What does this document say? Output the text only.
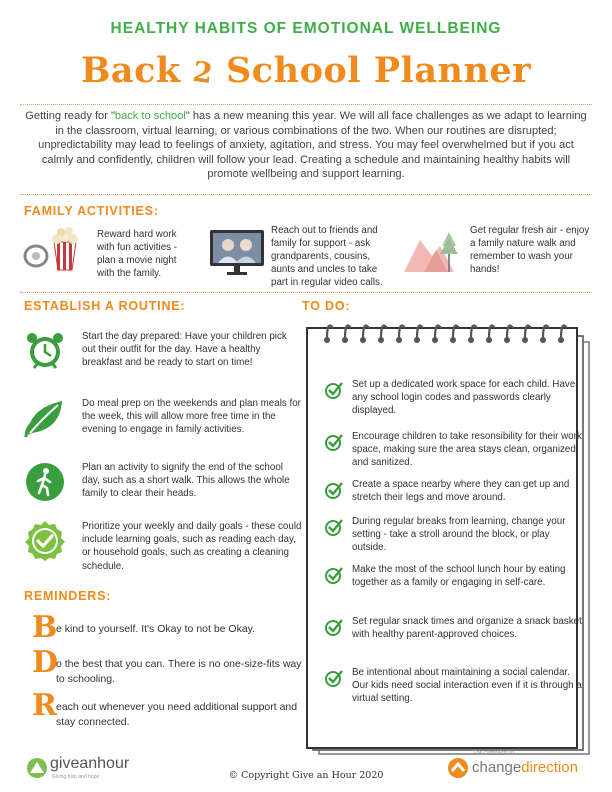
HEALTHY HABITS OF EMOTIONAL WELLBEING
Back 2 School Planner
Getting ready for "back to school" has a new meaning this year. We will all face challenges as we adapt to learning in the classroom, virtual learning, or various combinations of the two. When our routines are disrupted; unpredictability may lead to feelings of anxiety, agitation, and stress. You may feel overwhelmed but if you act calmly and confidently, children will follow your lead. Creating a schedule and maintaining healthy habits will promote wellbeing and support learning.
FAMILY ACTIVITIES:
Reward hard work with fun activities - plan a movie night with the family.
Reach out to friends and family for support - ask grandparents, cousins, aunts and uncles to take part in regular video calls.
Get regular fresh air - enjoy a family nature walk and remember to wash your hands!
ESTABLISH A ROUTINE:
Start the day prepared: Have your children pick out their outfit for the day. Have a healthy breakfast and be ready to start on time!
Do meal prep on the weekends and plan meals for the week, this will allow more free time in the evening to engage in family activities.
Plan an activity to signify the end of the school day, such as a short walk. This allows the whole family to clear their heads.
Prioritize your weekly and daily goals - these could include learning goals, such as reading each day, or household goals, such as creating a cleaning schedule.
REMINDERS:
B
e kind to yourself. It's Okay to not be Okay.
D
o the best that you can. There is no one-size-fits way to schooling.
R each out whenever you need additional support and stay connected.
TO DO:
Set up a dedicated work space for each child. Have any school login codes and passwords clearly displayed.
Encourage children to take resonsibility for their work space, making sure the area stays clean, organized and sanitized.
Create a space nearby where they can get up and stretch their legs and move around.
During regular breaks from learning, change your setting - take a stroll around the block, or play outside.
Make the most of the school lunch hour by eating together as a family or engaging in self-care.
Set regular snack times and organize a snack basket with healthy parent-approved choices.
Be intentional about maintaining a social calendar. Our kids need social interaction even if it is through a virtual setting.
giveanhour
Giving help and hope	© Copyright Give an Hour 2020
The campaign to
changedirection
